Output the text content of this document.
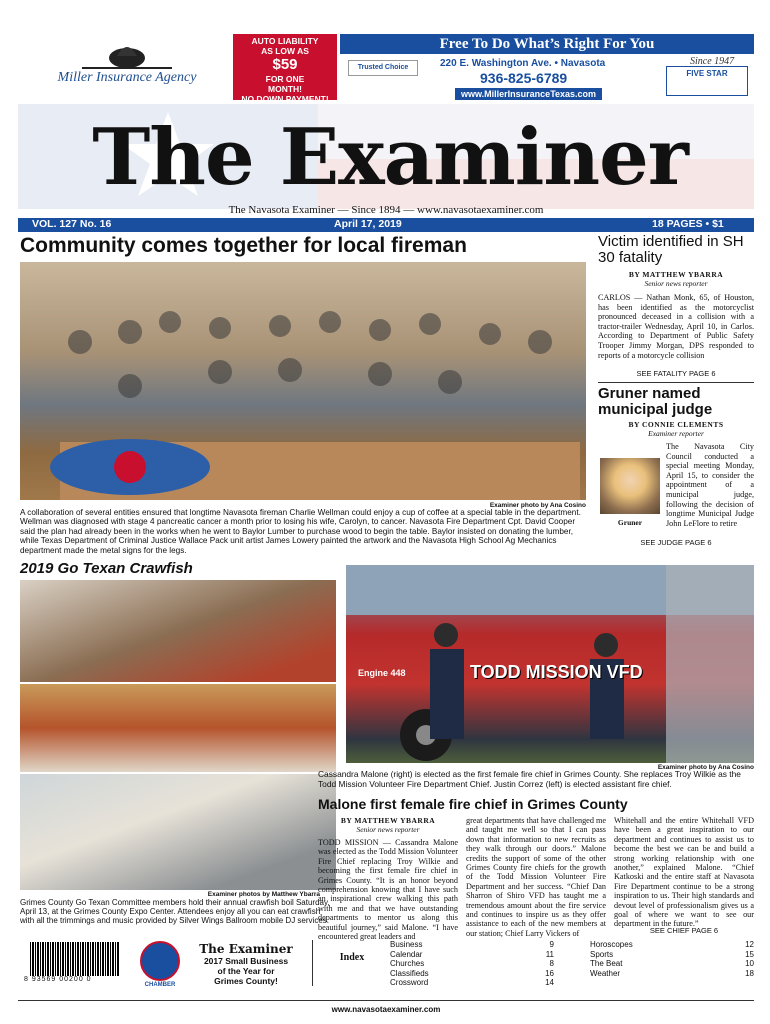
Miller Insurance Agency
AUTO LIABILITY
AS LOW AS
$59
FOR ONE
MONTH!
NO DOWN PAYMENT!
Free To Do What’s Right For You
Since 1947
Trusted Choice	220 E. Washington Ave. • Navasota
936-825-6789
www.MillerInsuranceTexas.com
FIVE STAR
The Examiner
The Navasota Examiner — Since 1894 — www.navasotaexaminer.com
VOL. 127 No. 16	April 17, 2019	18 PAGES • $1
Community comes together for local fireman
Examiner photo by Ana Cosino
A collaboration of several entities ensured that longtime Navasota fireman Charlie Wellman could enjoy a cup of coffee at a special table in the department. Wellman was diagnosed with stage 4 pancreatic cancer a month prior to losing his wife, Carolyn, to cancer. Navasota Fire Department Cpt. David Cooper said the plan had already been in the works when he went to Baylor Lumber to purchase wood to begin the table. Baylor insisted on donating the lumber, while Texas Department of Criminal Justice Wallace Pack unit artist James Lowery painted the artwork and the Navasota High School Ag Mechanics department made the metal signs for the legs.
Victim identified in SH 30 fatality
BY MATTHEW YBARRA
Senior news reporter
CARLOS — Nathan Monk, 65, of Houston, has been identified as the motorcyclist pronounced deceased in a collision with a tractor-trailer Wednesday, April 10, in Carlos. According to Department of Public Safety Trooper Jimmy Morgan, DPS responded to reports of a motorcycle collision
SEE FATALITY PAGE 6
Gruner named municipal judge
BY CONNIE CLEMENTS
Examiner reporter
The Navasota City Council conducted a special meeting Monday, April 15, to consider the appointment of a municipal judge, following the decision of longtime Municipal Judge John LeFlore to retire
Gruner
SEE JUDGE PAGE 6
2019 Go Texan Crawfish
Examiner photos by Matthew Ybarra
Grimes County Go Texan Committee members hold their annual crawfish boil Saturday, April 13, at the Grimes County Expo Center. Attendees enjoy all you can eat crawfish with all the trimmings and music provided by Silver Wings Ballroom mobile DJ services.
Engine 448	TODD MISSION VFD
Examiner photo by Ana Cosino
Cassandra Malone (right) is elected as the first female fire chief in Grimes County. She replaces Troy Wilkie as the Todd Mission Volunteer Fire Department Chief. Justin Correz (left) is elected assistant fire chief.
Malone first female fire chief in Grimes County
BY MATTHEW YBARRA
Senior news reporter
TODD MISSION — Cassandra Malone was elected as the Todd Mission Volunteer Fire Chief replacing Troy Wilkie and becoming the first female fire chief in Grimes County. “It is an honor beyond comprehension knowing that I have such an inspirational crew walking this path with me and that we have outstanding departments to mentor us along this beautiful journey,” said Malone. “I have encountered great leaders and
great departments that have challenged me and taught me well so that I can pass down that information to new recruits as they walk through our doors.” Malone credits the support of some of the other Grimes County fire chiefs for the growth of the Todd Mission Volunteer Fire Department and her success. “Chief Dan Sharron of Shiro VFD has taught me a tremendous amount about the fire service and continues to inspire us as they offer assistance to each of the new members at our station; Chief Larry Vickers of
Whitehall and the entire Whitehall VFD have been a great inspiration to our department and continues to assist us to become the best we can be and build a strong working relationship with one another,” explained Malone. “Chief Katkoski and the entire staff at Navasota Fire Department continue to be a strong inspiration to us. Their high standards and devout level of professionalism gives us a goal of where we want to see our department in the future.”
SEE CHIEF PAGE 6
8 93569 00200 0
CHAMBER
The Examiner
2017 Small Business
of the Year for
Grimes County!
Index
Business	9
Calendar	11
Churches	8
Classifieds	16
Crossword	14
Horoscopes	12
Sports	15
The Beat	10
Weather	18
www.navasotaexaminer.com
